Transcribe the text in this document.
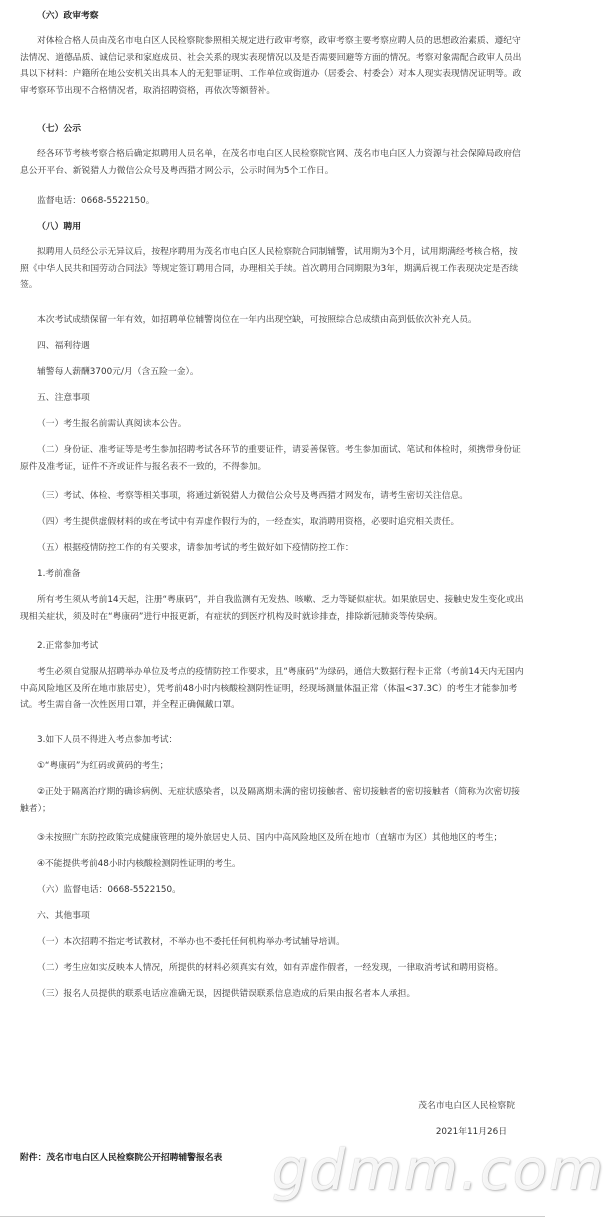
（六）政审考察

对体检合格人员由茂名市电白区人民检察院参照相关规定进行政审考察，政审考察主要考察应聘人员的思想政治素质、遵纪守法情况、道德品质、诚信记录和家庭成员、社会关系的现实表现情况以及是否需要回避等方面的情况。考察对象需配合政审人员出具以下材料：户籍所在地公安机关出具本人的无犯罪证明、工作单位或街道办（居委会、村委会）对本人现实表现情况证明等。政审考察环节出现不合格情况者，取消招聘资格，再依次等额替补。

（七）公示

经各环节考核考察合格后确定拟聘用人员名单，在茂名市电白区人民检察院官网、茂名市电白区人力资源与社会保障局政府信息公开平台、新锐猎人力微信公众号及粤西猎才网公示，公示时间为5个工作日。

监督电话：0668-5522150。

（八）聘用

拟聘用人员经公示无异议后，按程序聘用为茂名市电白区人民检察院合同制辅警，试用期为3个月，试用期满经考核合格，按照《中华人民共和国劳动合同法》等规定签订聘用合同，办理相关手续。首次聘用合同期限为3年，期满后视工作表现决定是否续签。

本次考试成绩保留一年有效，如招聘单位辅警岗位在一年内出现空缺，可按照综合总成绩由高到低依次补充人员。

四、福利待遇

辅警每人薪酬3700元/月（含五险一金）。

五、注意事项

（一）考生报名前需认真阅读本公告。

（二）身份证、准考证等是考生参加招聘考试各环节的重要证件，请妥善保管。考生参加面试、笔试和体检时，须携带身份证原件及准考证，证件不齐或证件与报名表不一致的，不得参加。

（三）考试、体检、考察等相关事项，将通过新锐猎人力微信公众号及粤西猎才网发布，请考生密切关注信息。

（四）考生提供虚假材料的或在考试中有弄虚作假行为的，一经查实，取消聘用资格，必要时追究相关责任。

（五）根据疫情防控工作的有关要求，请参加考试的考生做好如下疫情防控工作：

1.考前准备

所有考生须从考前14天起，注册“粤康码”，并自我监测有无发热、咳嗽、乏力等疑似症状。如果旅居史、接触史发生变化或出现相关症状，须及时在“粤康码”进行申报更新，有症状的到医疗机构及时就诊排查，排除新冠肺炎等传染病。

2.正常参加考试

考生必须自觉服从招聘举办单位及考点的疫情防控工作要求，且“粤康码”为绿码，通信大数据行程卡正常（考前14天内无国内中高风险地区及所在地市旅居史），凭考前48小时内核酸检测阴性证明，经现场测量体温正常（体温<37.3C）的考生才能参加考试。考生需自备一次性医用口罩，并全程正确佩戴口罩。

3.如下人员不得进入考点参加考试：

①“粤康码”为红码或黄码的考生；

②正处于隔离治疗期的确诊病例、无症状感染者，以及隔离期未满的密切接触者、密切接触者的密切接触者（简称为次密切接触者）；

③未按照广东防控政策完成健康管理的境外旅居史人员、国内中高风险地区及所在地市（直辖市为区）其他地区的考生；

④不能提供考前48小时内核酸检测阴性证明的考生。

（六）监督电话：0668-5522150。

六、其他事项

（一）本次招聘不指定考试教材，不举办也不委托任何机构举办考试辅导培训。

（二）考生应如实反映本人情况，所提供的材料必须真实有效，如有弄虚作假者，一经发现，一律取消考试和聘用资格。

（三）报名人员提供的联系电话应准确无误，因提供错误联系信息造成的后果由报名者本人承担。

茂名市电白区人民检察院

2021年11月26日

附件：茂名市电白区人民检察院公开招聘辅警报名表 gdmm.com
